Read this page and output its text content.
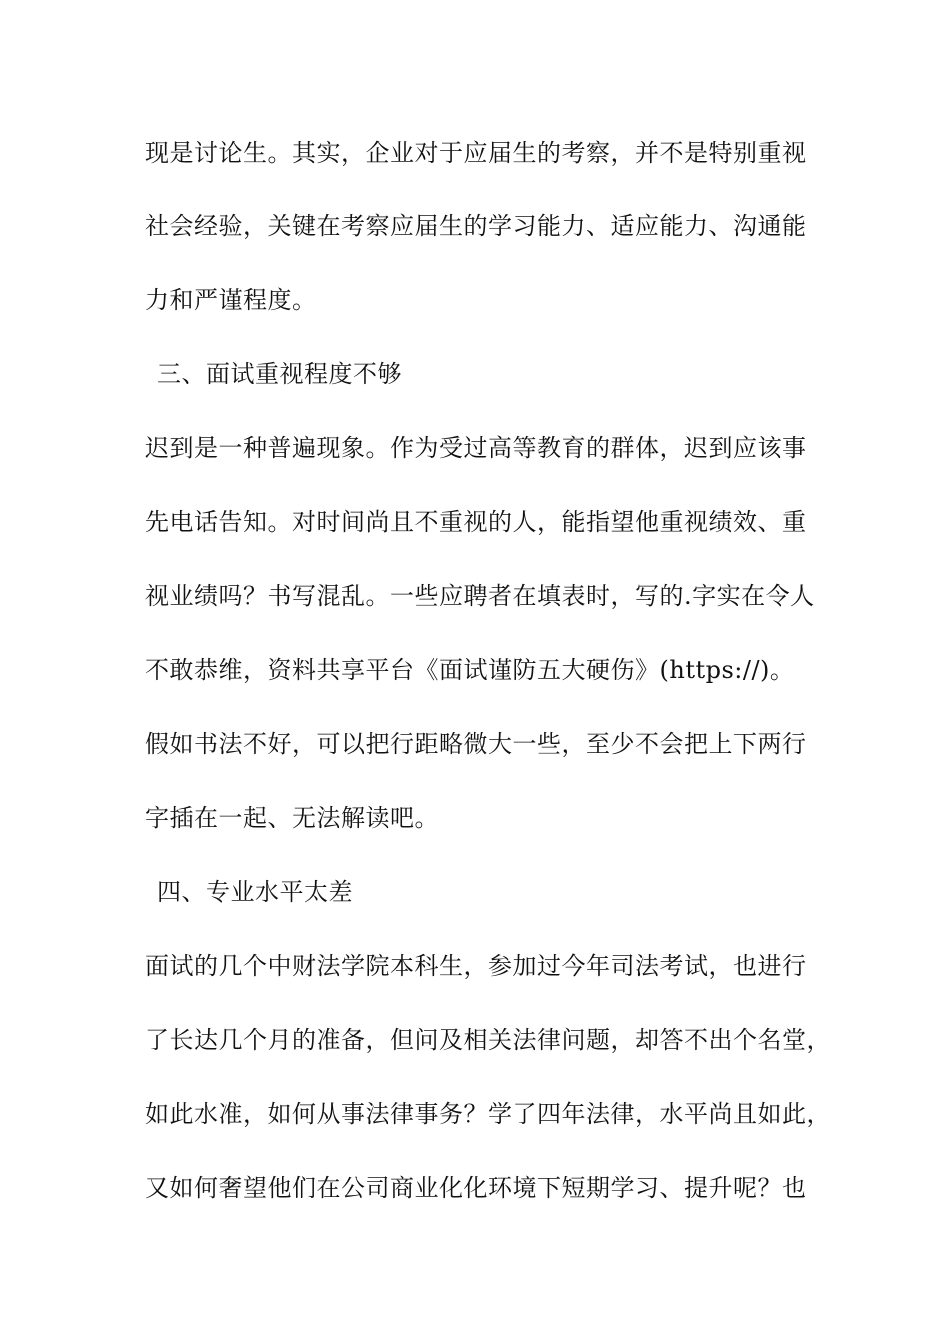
现是讨论生。其实，企业对于应届生的考察，并不是特别重视
社会经验，关键在考察应届生的学习能力、适应能力、沟通能
力和严谨程度。
三、面试重视程度不够
迟到是一种普遍现象。作为受过高等教育的群体，迟到应该事
先电话告知。对时间尚且不重视的人，能指望他重视绩效、重
视业绩吗？书写混乱。一些应聘者在填表时，写的.字实在令人
不敢恭维，资料共享平台《面试谨防五大硬伤》(https://)。
假如书法不好，可以把行距略微大一些，至少不会把上下两行
字插在一起、无法解读吧。
四、专业水平太差
面试的几个中财法学院本科生，参加过今年司法考试，也进行
了长达几个月的准备，但问及相关法律问题，却答不出个名堂，
如此水准，如何从事法律事务？学了四年法律，水平尚且如此，
又如何奢望他们在公司商业化化环境下短期学习、提升呢？也
